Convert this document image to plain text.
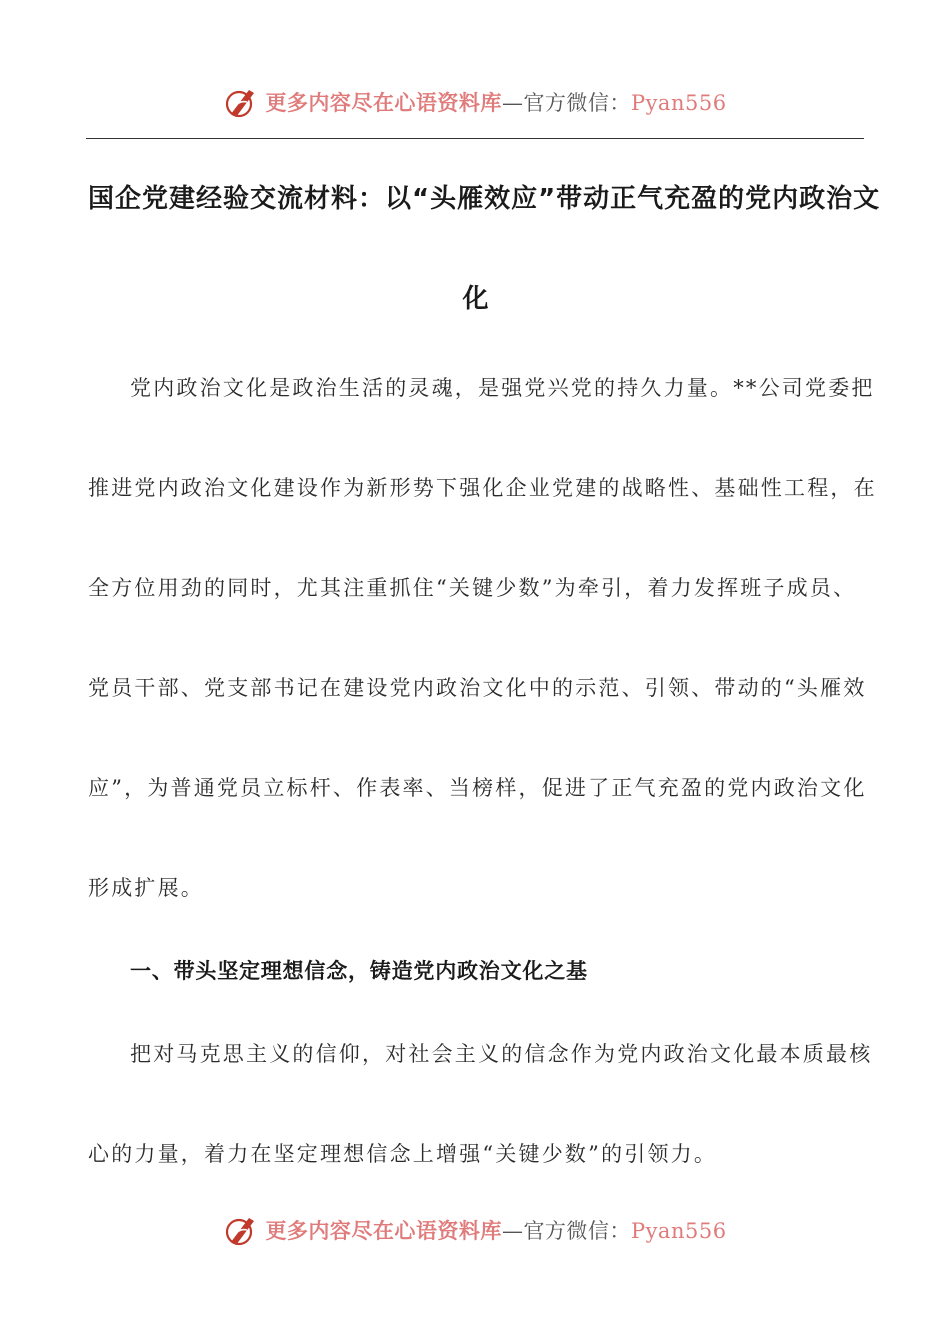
更多内容尽在心语资料库—官方微信：Pyan556
国企党建经验交流材料：以“头雁效应”带动正气充盈的党内政治文
化
党内政治文化是政治生活的灵魂，是强党兴党的持久力量。**公司党委把
推进党内政治文化建设作为新形势下强化企业党建的战略性、基础性工程，在
全方位用劲的同时，尤其注重抓住“关键少数”为牵引，着力发挥班子成员、
党员干部、党支部书记在建设党内政治文化中的示范、引领、带动的“头雁效
应”，为普通党员立标杆、作表率、当榜样，促进了正气充盈的党内政治文化
形成扩展。
一、带头坚定理想信念，铸造党内政治文化之基
把对马克思主义的信仰，对社会主义的信念作为党内政治文化最本质最核
心的力量，着力在坚定理想信念上增强“关键少数”的引领力。
更多内容尽在心语资料库—官方微信：Pyan556
